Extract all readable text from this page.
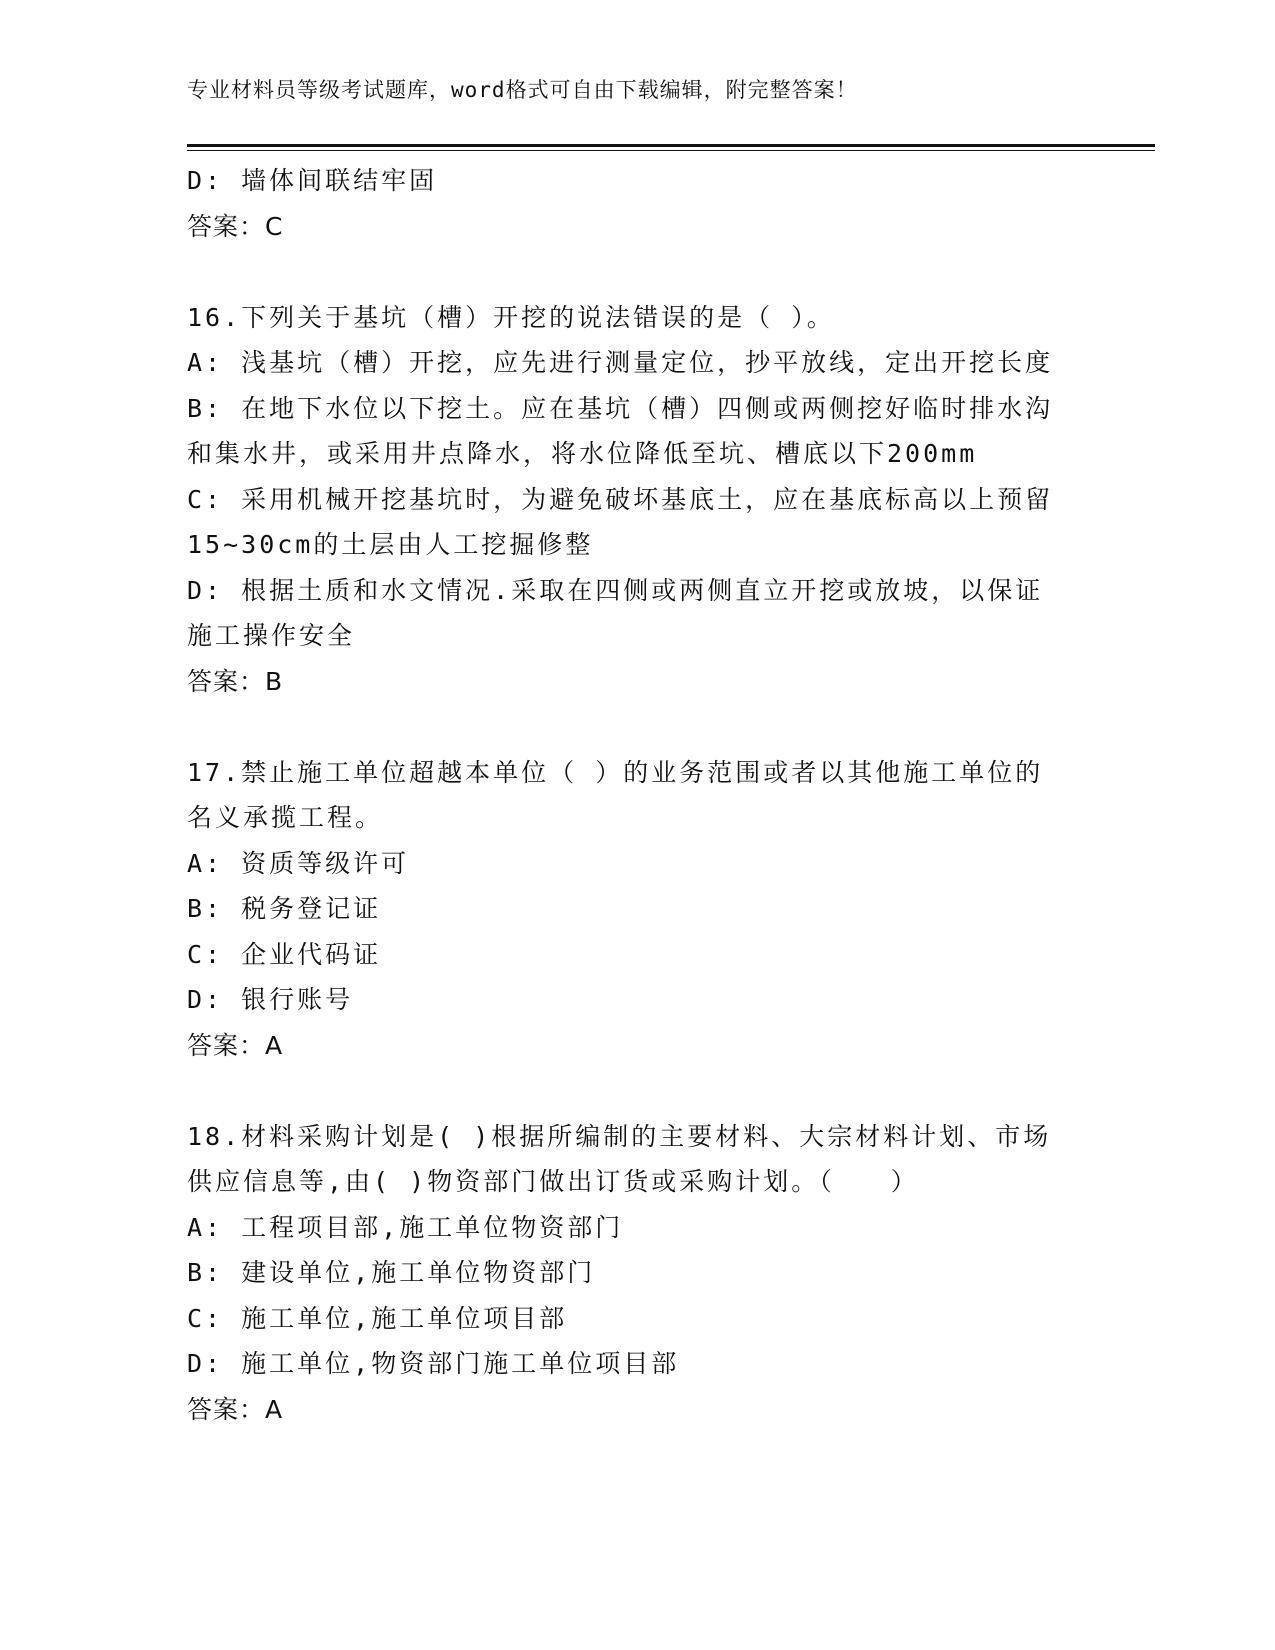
专业材料员等级考试题库，word格式可自由下载编辑，附完整答案！
D: 墙体间联结牢固
答案：C
16.下列关于基坑（槽）开挖的说法错误的是（ ）。
A: 浅基坑（槽）开挖，应先进行测量定位，抄平放线，定出开挖长度
B: 在地下水位以下挖土。应在基坑（槽）四侧或两侧挖好临时排水沟
和集水井，或采用井点降水，将水位降低至坑、槽底以下200mm
C: 采用机械开挖基坑时，为避免破坏基底土，应在基底标高以上预留
15~30cm的土层由人工挖掘修整
D: 根据土质和水文情况.采取在四侧或两侧直立开挖或放坡，以保证
施工操作安全
答案：B
17.禁止施工单位超越本单位（ ）的业务范围或者以其他施工单位的
名义承揽工程。
A: 资质等级许可
B: 税务登记证
C: 企业代码证
D: 银行账号
答案：A
18.材料采购计划是( )根据所编制的主要材料、大宗材料计划、市场
供应信息等,由( )物资部门做出订货或采购计划。（　　）
A: 工程项目部,施工单位物资部门
B: 建设单位,施工单位物资部门
C: 施工单位,施工单位项目部
D: 施工单位,物资部门施工单位项目部
答案：A
